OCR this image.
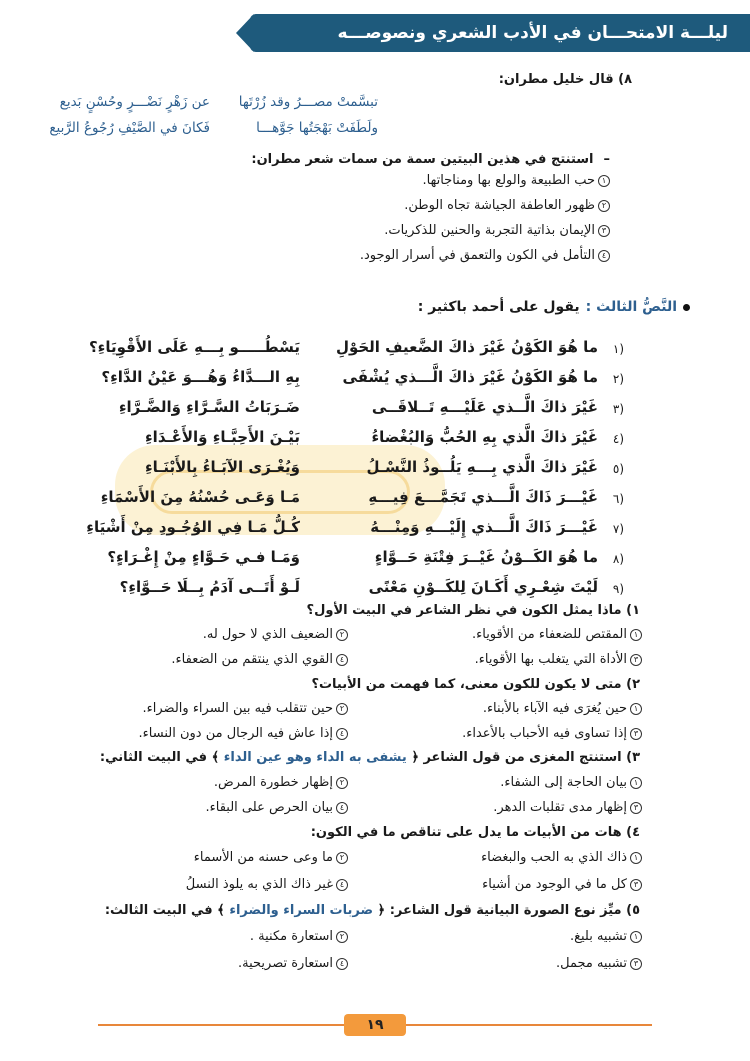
ليلـــة الامتحـــان في الأدب الشعري ونصوصـــه
٨) قال خليل مطران:
تبسَّمتْ مصـــرُ وقد زُرْتَها
عن زَهْرٍ نَضْـــرٍ وحُسْنٍ بَديع
ولَطَفَتْ بَهْجَتُها جَوَّهـــا
فَكانَ في الصَّيْفِ رُجُوعُ الرَّبيع
–استنتج في هذين البيتين سمة من سمات شعر مطران:
١
حب الطبيعة والولع بها ومناجاتها.
٢
ظهور العاطفة الجياشة تجاه الوطن.
٣
الإيمان بذاتية التجربة والحنين للذكريات.
٤
التأمل في الكون والتعمق في أسرار الوجود.
النَّصُّ الثالث :
يقول على أحمد باكثير :
(١
ما هُوَ الكَوْنُ غَيْرَ ذاكَ الضَّعيفِ الحَوْلِ
يَسْطُـــــو بِـــهِ عَلَى الأَقْوِيَاءِ؟
(٢
ما هُوَ الكَوْنُ غَيْرَ ذاكَ الَّـــذي يُشْفَى
بِهِ الـــدَّاءُ وَهُـــوَ عَيْنُ الدَّاءِ؟
(٣
غَيْرَ ذاكَ الَّــذي عَلَيْـــهِ تَــلاقَــى
ضَـرَبَاتُ السَّـرَّاءِ وَالضَّـرَّاءِ
(٤
غَيْرَ ذاكَ الَّذي بِهِ الحُبُّ وَالبُغْضاءُ
بَيْـنَ الأَحِبَّـاءِ وَالأَعْـدَاءِ
(٥
غَيْرَ ذاكَ الَّذي بِـــهِ يَلُــوذُ النَّسْـلُ
وَيُغْـرَى الآبَـاءُ بِالأَبْنَـاءِ
(٦
غَيْـــرَ ذَاكَ الَّـــذي تَجَمَّـــعَ فِيـــهِ
مَـا وَعَـى حُسْنُهُ مِنَ الأَسْمَاءِ
(٧
غَيْـــرَ ذَاكَ الَّـــذي إِلَيْـــهِ وَمِنْـــهُ
كُـلُّ مَـا فِي الوُجُـودِ مِنْ أَشْيَاءِ
(٨
ما هُوَ الكَــوْنُ غَيْــرَ فِتْنَةِ حَــوَّاءٍ
وَمَـا فـي حَـوَّاءٍ مِنْ إِغْـرَاءٍ؟
(٩
لَيْتَ شِعْـرِي أَكَـانَ لِلكَــوْنِ مَعْنًى
لَـوْ أَتَــى آدَمُ بِــلَا حَــوَّاءِ؟
١) ماذا يمثل الكون في نظر الشاعر في البيت الأول؟
١
المقتص للضعفاء من الأقوياء.
٢
الضعيف الذي لا حول له.
٣
الأداة التي يتغلب بها الأقوياء.
٤
القوي الذي ينتقم من الضعفاء.
٢) متى لا يكون للكون معنى، كما فهمت من الأبيات؟
١
حين يُغرَى فيه الآباء بالأبناء.
٢
حين تتقلب فيه بين السراء والضراء.
٣
إذا تساوى فيه الأحباب بالأعداء.
٤
إذا عاش فيه الرجال من دون النساء.
٣) استنتج المغزى من قول الشاعر ﴿ يشفى به الداء وهو عين الداء ﴾ في البيت الثاني:
١
بيان الحاجة إلى الشفاء.
٢
إظهار خطورة المرض.
٣
إظهار مدى تقلبات الدهر.
٤
بيان الحرص على البقاء.
٤) هات من الأبيات ما يدل على تناقص ما في الكون:
١
ذاك الذي به الحب والبغضاء
٢
ما وعى حسنه من الأسماء
٣
كل ما في الوجود من أشياء
٤
غير ذاك الذي به يلوذ النسلُ
٥) ميِّز نوع الصورة البيانية قول الشاعر: ﴿ ضربات السراء والضراء ﴾ في البيت الثالث:
١
تشبيه بليغ.
٢
استعارة مكنية .
٣
تشبيه مجمل.
٤
استعارة تصريحية.
١٩
